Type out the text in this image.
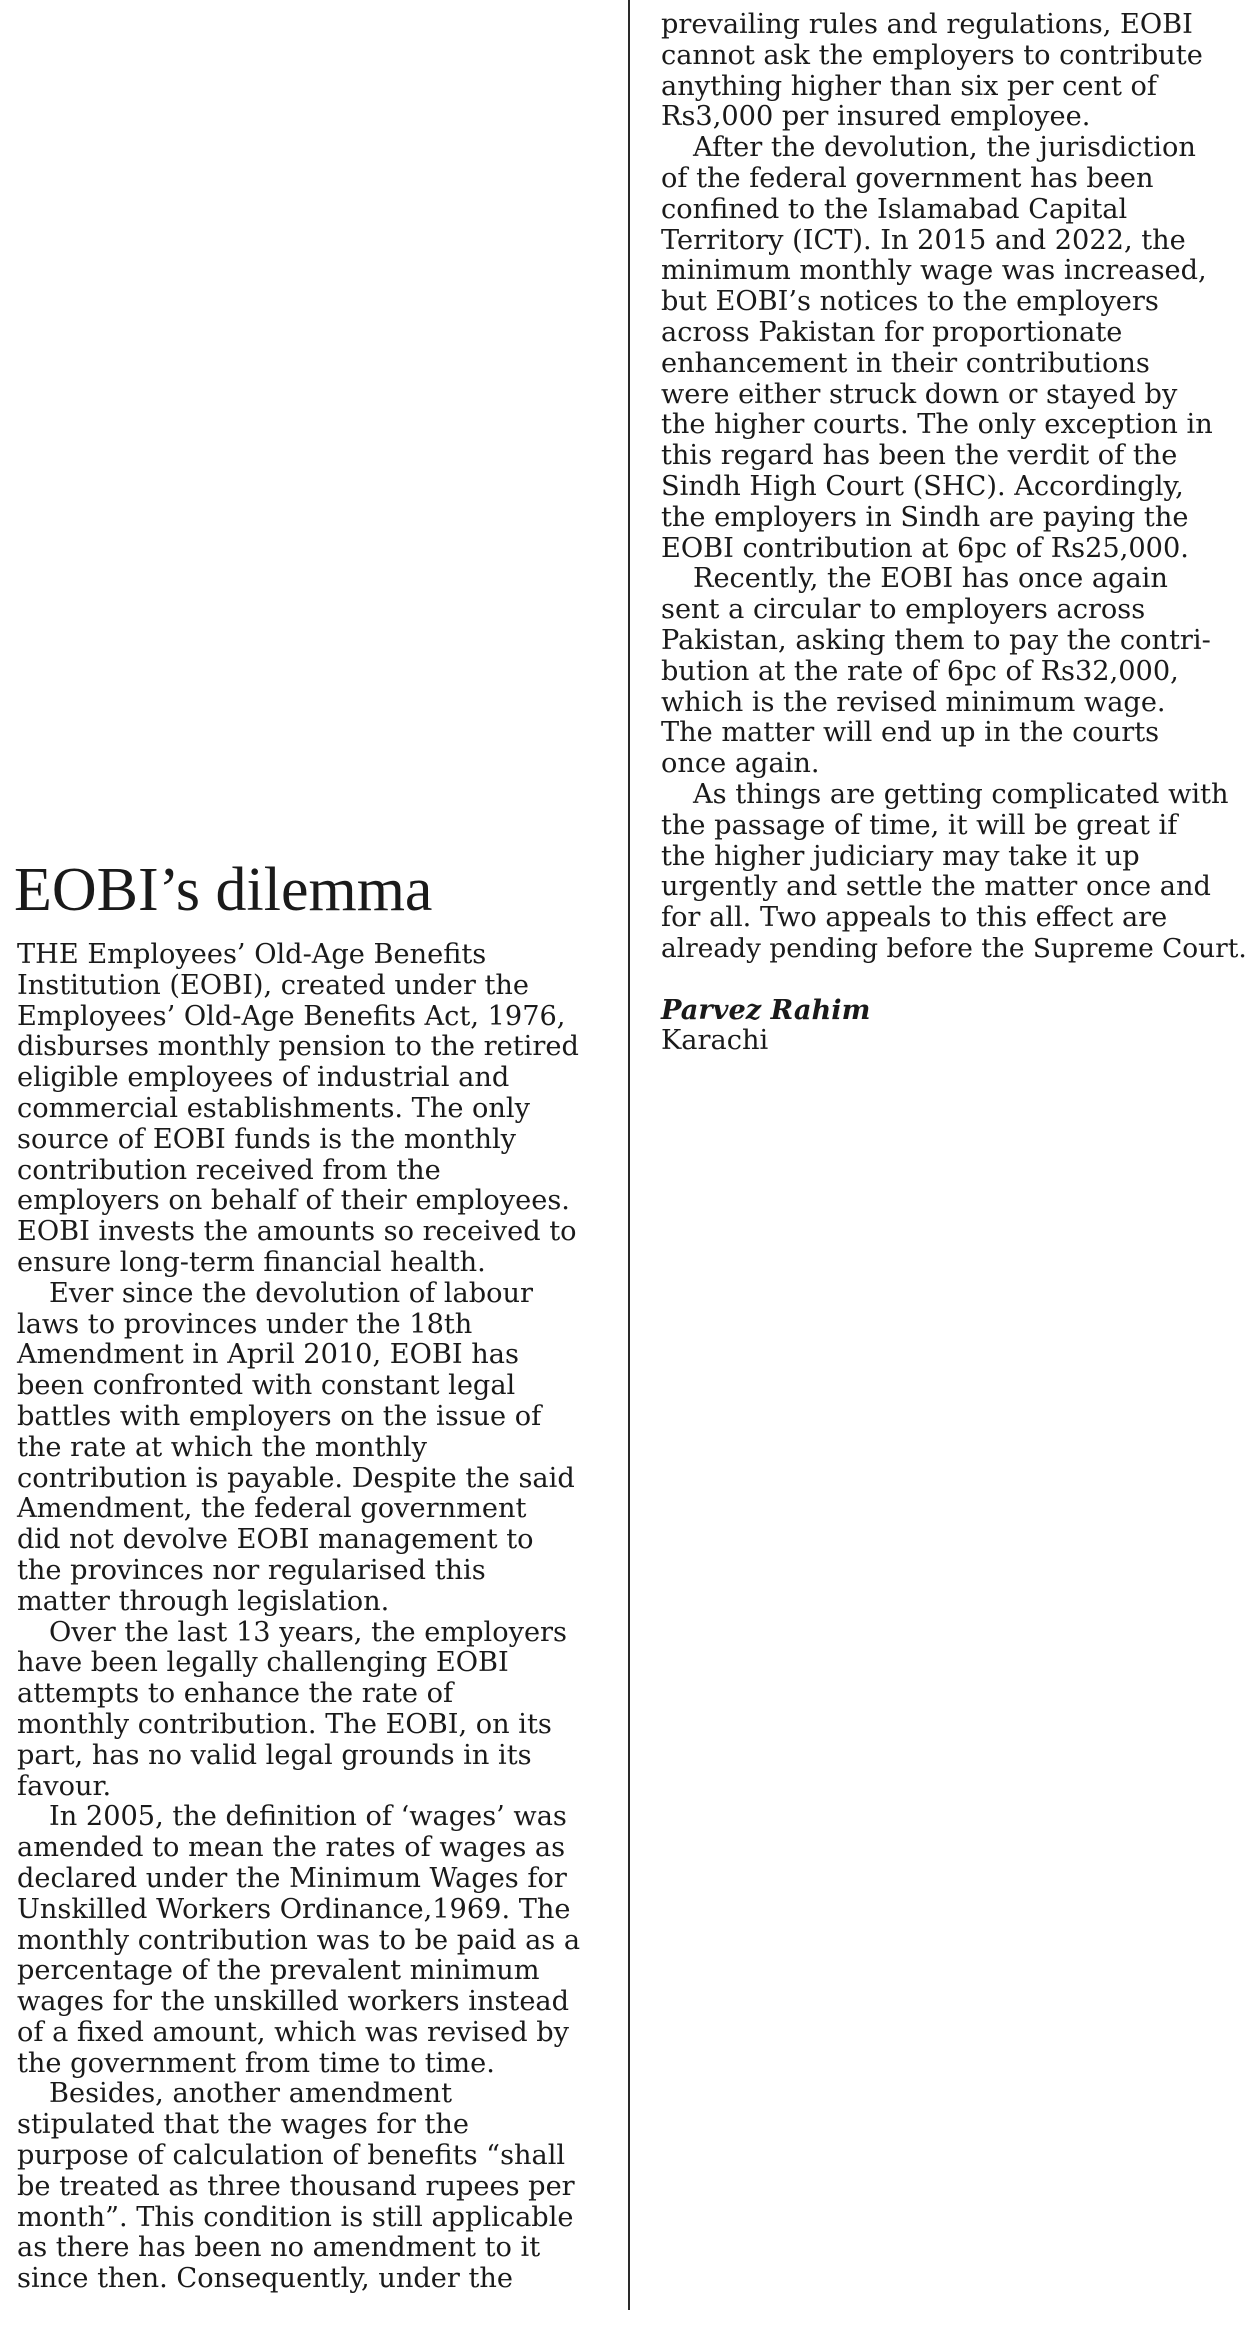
EOBI’s dilemma
THE Employees’ Old-Age Benefits
Institution (EOBI), created under the
Employees’ Old-Age Benefits Act, 1976,
disburses monthly pension to the retired
eligible employees of industrial and
commercial establishments. The only
source of EOBI funds is the monthly
contribution received from the
employers on behalf of their employees.
EOBI invests the amounts so received to
ensure long-term financial health.
Ever since the devolution of labour
laws to provinces under the 18th
Amendment in April 2010, EOBI has
been confronted with constant legal
battles with employers on the issue of
the rate at which the monthly
contribution is payable. Despite the said
Amendment, the federal government
did not devolve EOBI management to
the provinces nor regularised this
matter through legislation.
Over the last 13 years, the employers
have been legally challenging EOBI
attempts to enhance the rate of
monthly contribution. The EOBI, on its
part, has no valid legal grounds in its
favour.
In 2005, the definition of ‘wages’ was
amended to mean the rates of wages as
declared under the Minimum Wages for
Unskilled Workers Ordinance,1969. The
monthly contribution was to be paid as a
percentage of the prevalent minimum
wages for the unskilled workers instead
of a fixed amount, which was revised by
the government from time to time.
Besides, another amendment
stipulated that the wages for the
purpose of calculation of benefits “shall
be treated as three thousand rupees per
month”. This condition is still applicable
as there has been no amendment to it
since then. Consequently, under the
prevailing rules and regulations, EOBI
cannot ask the employers to contribute
anything higher than six per cent of
Rs3,000 per insured employee.
After the devolution, the jurisdiction
of the federal government has been
confined to the Islamabad Capital
Territory (ICT). In 2015 and 2022, the
minimum monthly wage was increased,
but EOBI’s notices to the employers
across Pakistan for proportionate
enhancement in their contributions
were either struck down or stayed by
the higher courts. The only exception in
this regard has been the verdit of the
Sindh High Court (SHC). Accordingly,
the employers in Sindh are paying the
EOBI contribution at 6pc of Rs25,000.
Recently, the EOBI has once again
sent a circular to employers across
Pakistan, asking them to pay the contri-
bution at the rate of 6pc of Rs32,000,
which is the revised minimum wage.
The matter will end up in the courts
once again.
As things are getting complicated with
the passage of time, it will be great if
the higher judiciary may take it up
urgently and settle the matter once and
for all. Two appeals to this effect are
already pending before the Supreme Court.
Parvez Rahim
Karachi
